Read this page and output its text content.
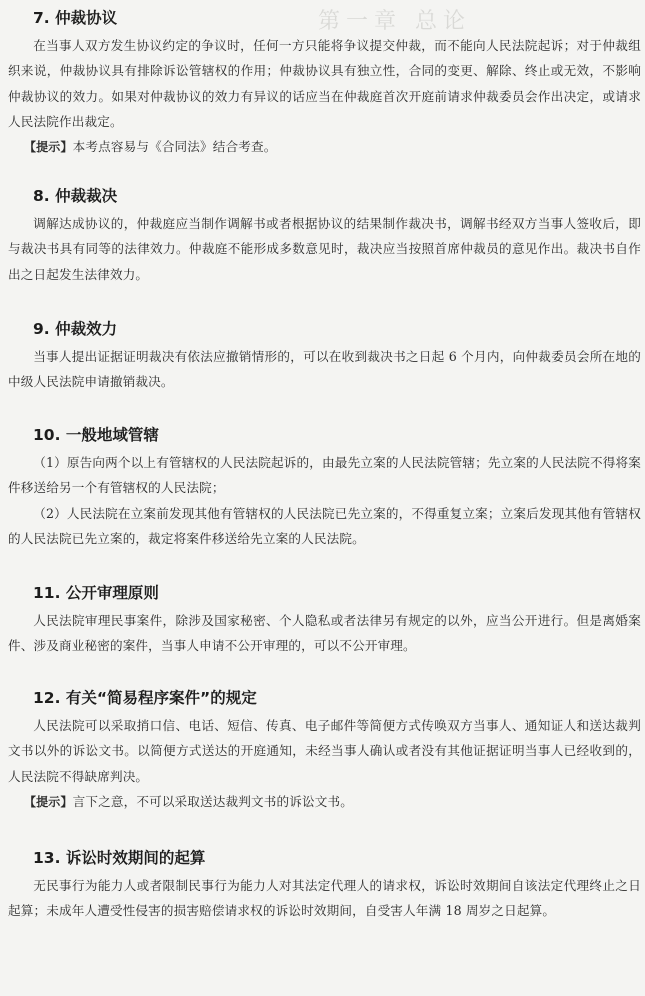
第一章 总论
7. 仲裁协议

在当事人双方发生协议约定的争议时，任何一方只能将争议提交仲裁，而不能向人民法院起诉；对于仲裁组织来说，仲裁协议具有排除诉讼管辖权的作用；仲裁协议具有独立性，合同的变更、解除、终止或无效，不影响仲裁协议的效力。如果对仲裁协议的效力有异议的话应当在仲裁庭首次开庭前请求仲裁委员会作出决定，或请求人民法院作出裁定。

【提示】本考点容易与《合同法》结合考查。

8. 仲裁裁决

调解达成协议的，仲裁庭应当制作调解书或者根据协议的结果制作裁决书，调解书经双方当事人签收后，即与裁决书具有同等的法律效力。仲裁庭不能形成多数意见时，裁决应当按照首席仲裁员的意见作出。裁决书自作出之日起发生法律效力。

9. 仲裁效力

当事人提出证据证明裁决有依法应撤销情形的，可以在收到裁决书之日起 6 个月内，向仲裁委员会所在地的中级人民法院申请撤销裁决。

10. 一般地域管辖

（1）原告向两个以上有管辖权的人民法院起诉的，由最先立案的人民法院管辖；先立案的人民法院不得将案件移送给另一个有管辖权的人民法院；

（2）人民法院在立案前发现其他有管辖权的人民法院已先立案的，不得重复立案；立案后发现其他有管辖权的人民法院已先立案的，裁定将案件移送给先立案的人民法院。

11. 公开审理原则

人民法院审理民事案件，除涉及国家秘密、个人隐私或者法律另有规定的以外，应当公开进行。但是离婚案件、涉及商业秘密的案件，当事人申请不公开审理的，可以不公开审理。

12. 有关“简易程序案件”的规定

人民法院可以采取捎口信、电话、短信、传真、电子邮件等简便方式传唤双方当事人、通知证人和送达裁判文书以外的诉讼文书。以简便方式送达的开庭通知，未经当事人确认或者没有其他证据证明当事人已经收到的，人民法院不得缺席判决。

【提示】言下之意，不可以采取送达裁判文书的诉讼文书。

13. 诉讼时效期间的起算

无民事行为能力人或者限制民事行为能力人对其法定代理人的请求权，诉讼时效期间自该法定代理终止之日起算；未成年人遭受性侵害的损害赔偿请求权的诉讼时效期间，自受害人年满 18 周岁之日起算。
